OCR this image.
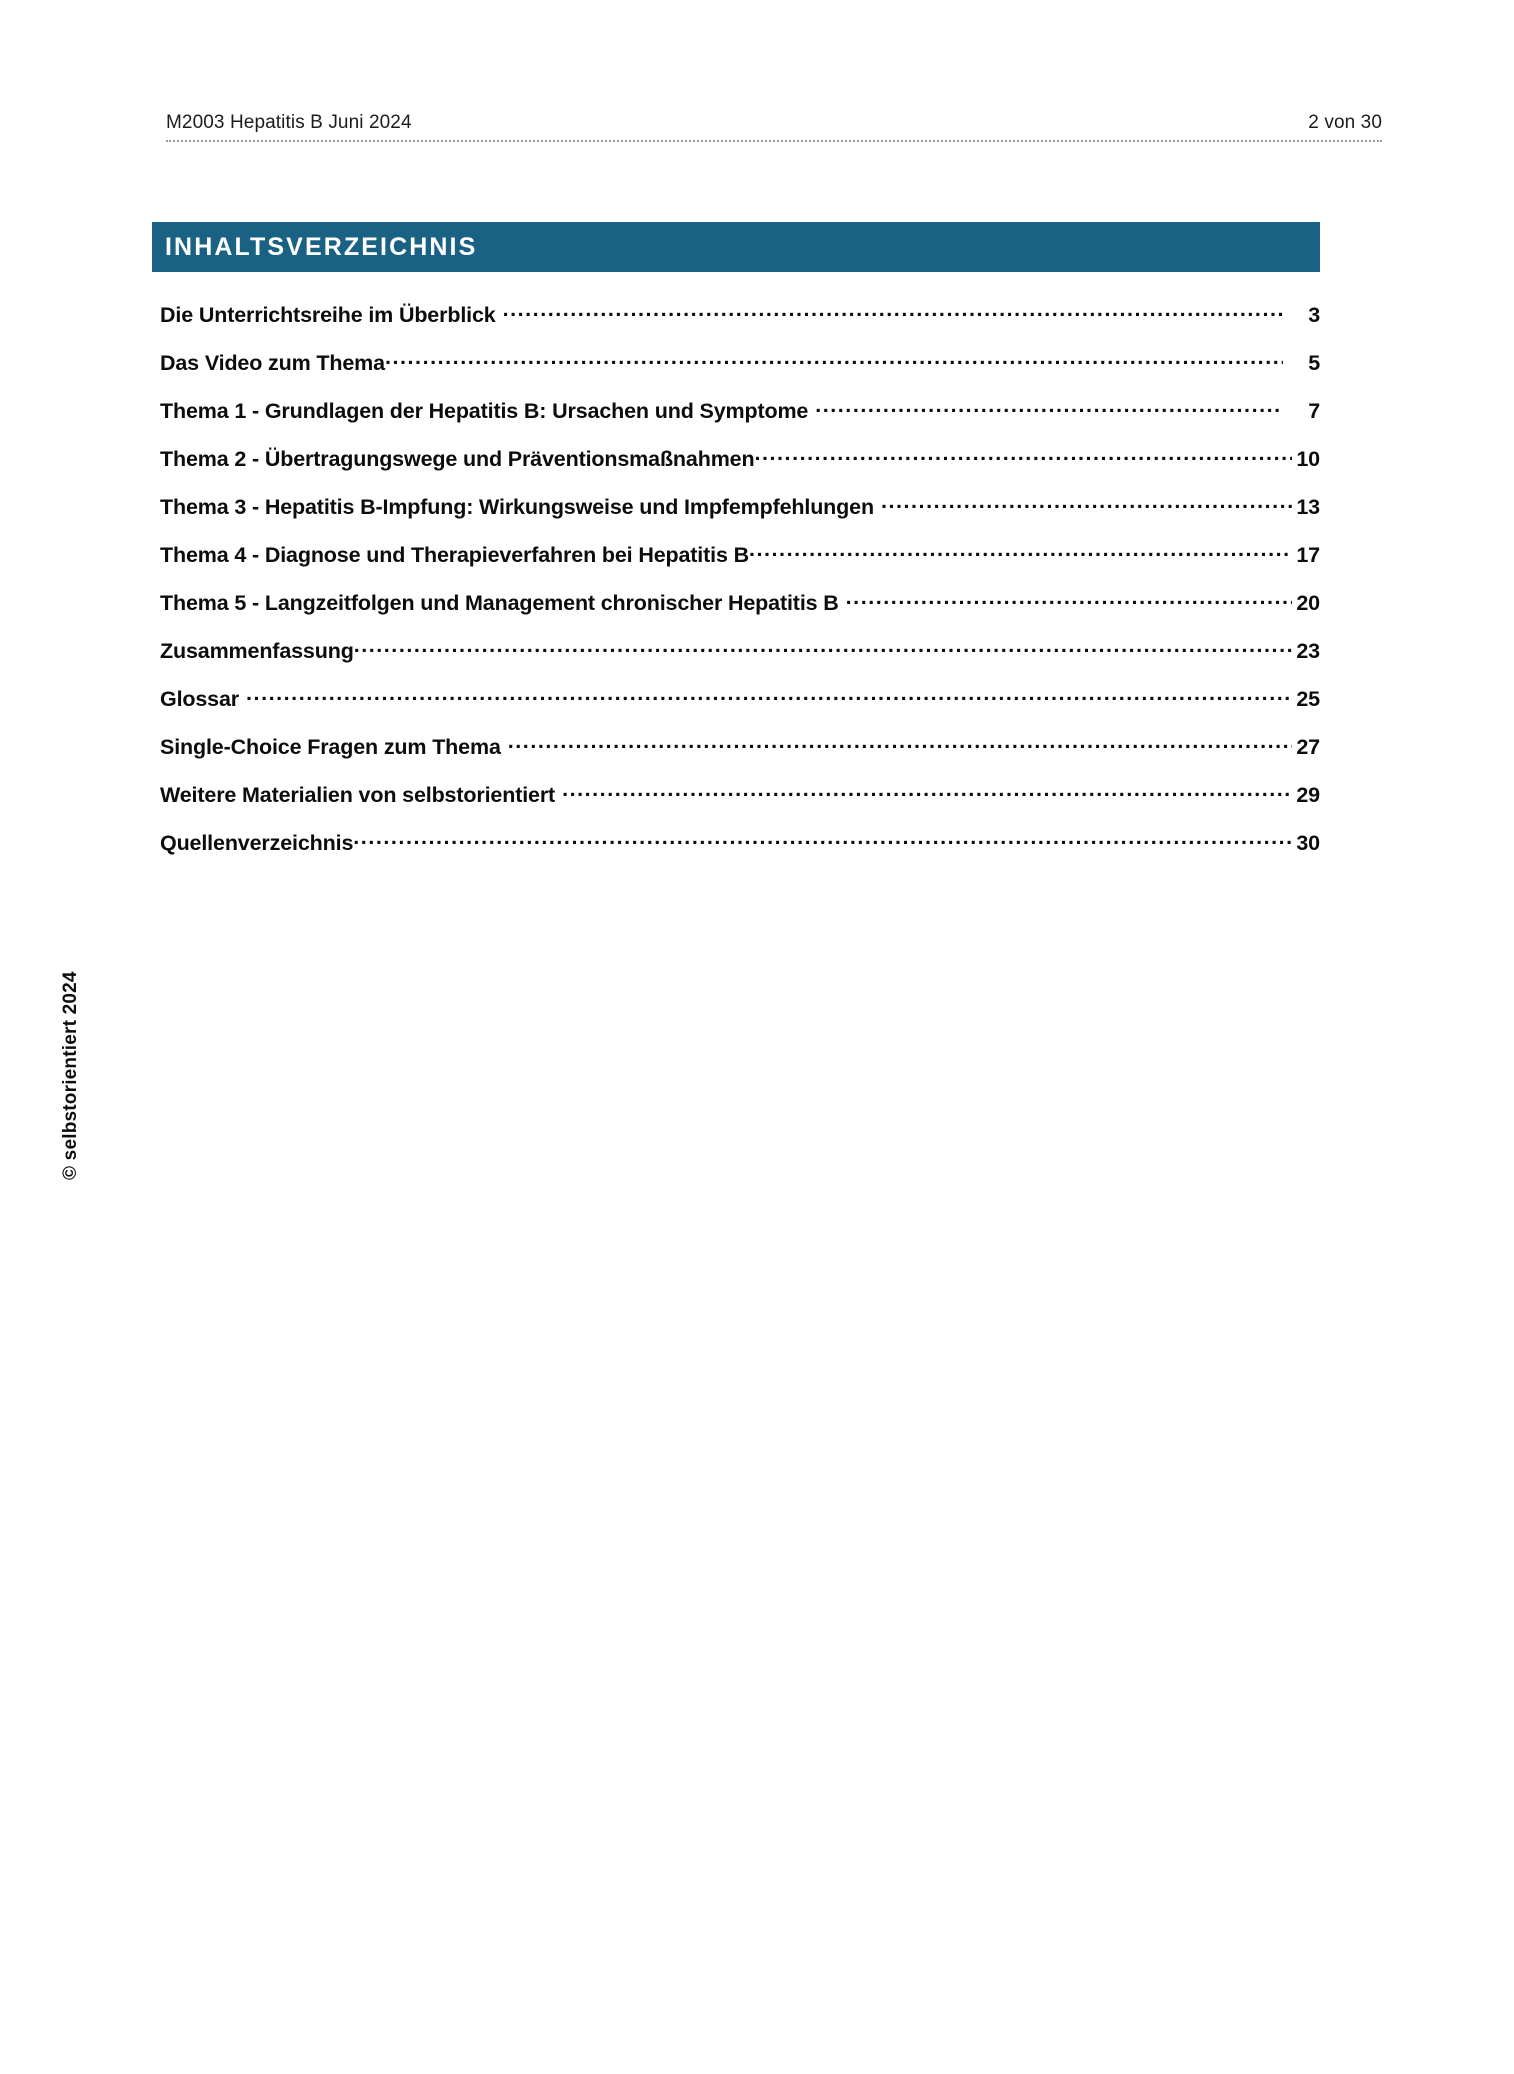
M2003 Hepatitis B Juni 2024	2 von 30
INHALTSVERZEICHNIS
Die Unterrichtsreihe im Überblick .....	3
Das Video zum Thema .....	5
Thema 1 - Grundlagen der Hepatitis B: Ursachen und Symptome .....	7
Thema 2 - Übertragungswege und Präventionsmaßnahmen .....	10
Thema 3 - Hepatitis B-Impfung: Wirkungsweise und Impfempfehlungen .....	13
Thema 4 - Diagnose und Therapieverfahren bei Hepatitis B .....	17
Thema 5 - Langzeitfolgen und Management chronischer Hepatitis B .....	20
Zusammenfassung .....	23
Glossar .....	25
Single-Choice Fragen zum Thema .....	27
Weitere Materialien von selbstorientiert .....	29
Quellenverzeichnis .....	30
© selbstorientiert 2024
